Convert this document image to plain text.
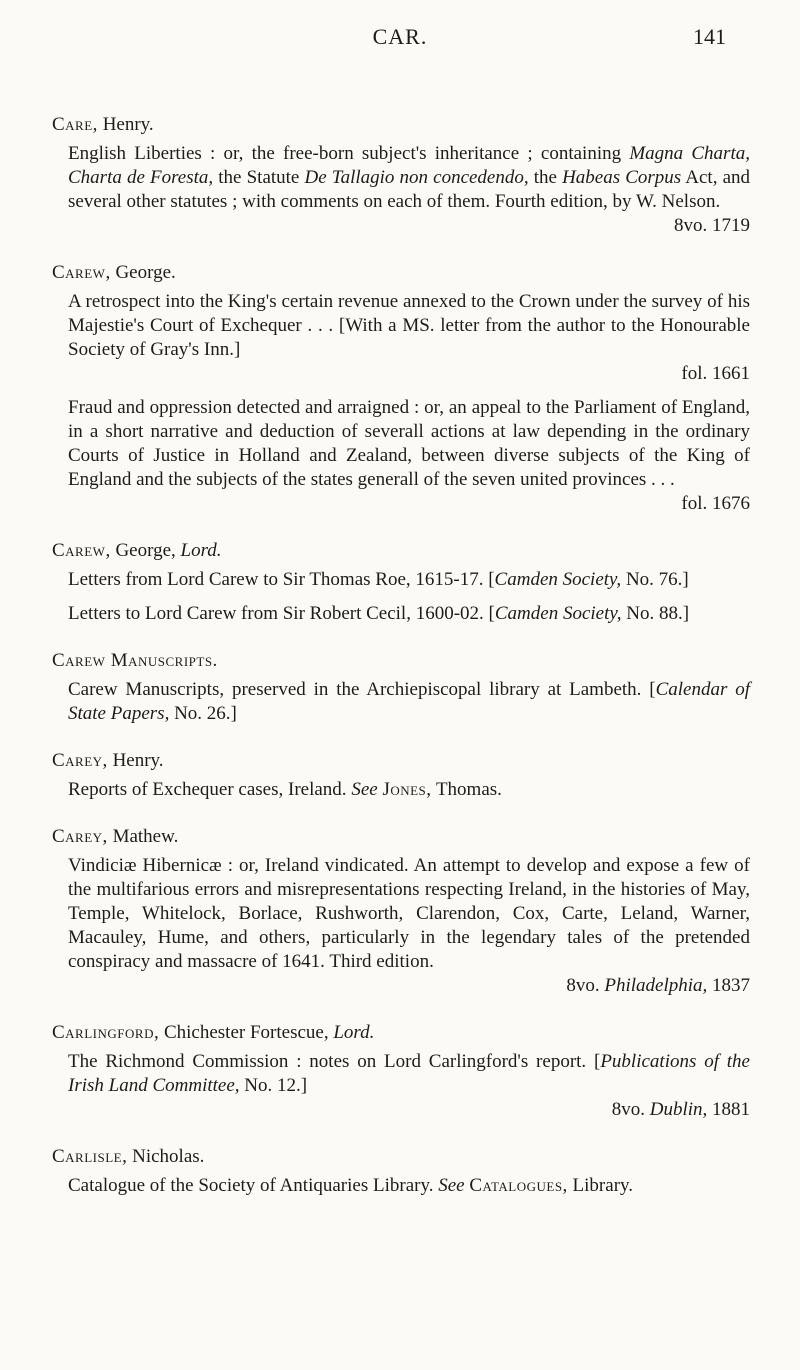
CAR.	141
Care, Henry.
English Liberties : or, the free-born subject's inheritance ; containing Magna Charta, Charta de Foresta, the Statute De Tallagio non concedendo, the Habeas Corpus Act, and several other statutes ; with comments on each of them. Fourth edition, by W. Nelson.
8vo. 1719
Carew, George.
A retrospect into the King's certain revenue annexed to the Crown under the survey of his Majestie's Court of Exchequer . . . [With a MS. letter from the author to the Honourable Society of Gray's Inn.]
fol. 1661
Fraud and oppression detected and arraigned : or, an appeal to the Parliament of England, in a short narrative and deduction of severall actions at law depending in the ordinary Courts of Justice in Holland and Zealand, between diverse subjects of the King of England and the subjects of the states generall of the seven united provinces . . .
fol. 1676
Carew, George, Lord.
Letters from Lord Carew to Sir Thomas Roe, 1615-17. [Camden Society, No. 76.]
Letters to Lord Carew from Sir Robert Cecil, 1600-02. [Camden Society, No. 88.]
Carew Manuscripts.
Carew Manuscripts, preserved in the Archiepiscopal library at Lambeth. [Calendar of State Papers, No. 26.]
Carey, Henry.
Reports of Exchequer cases, Ireland. See Jones, Thomas.
Carey, Mathew.
Vindiciæ Hibernicæ : or, Ireland vindicated. An attempt to develop and expose a few of the multifarious errors and misrepresentations respecting Ireland, in the histories of May, Temple, Whitelock, Borlace, Rushworth, Clarendon, Cox, Carte, Leland, Warner, Macauley, Hume, and others, particularly in the legendary tales of the pretended conspiracy and massacre of 1641. Third edition.
8vo. Philadelphia, 1837
Carlingford, Chichester Fortescue, Lord.
The Richmond Commission : notes on Lord Carlingford's report. [Publications of the Irish Land Committee, No. 12.]
8vo. Dublin, 1881
Carlisle, Nicholas.
Catalogue of the Society of Antiquaries Library. See Catalogues, Library.
